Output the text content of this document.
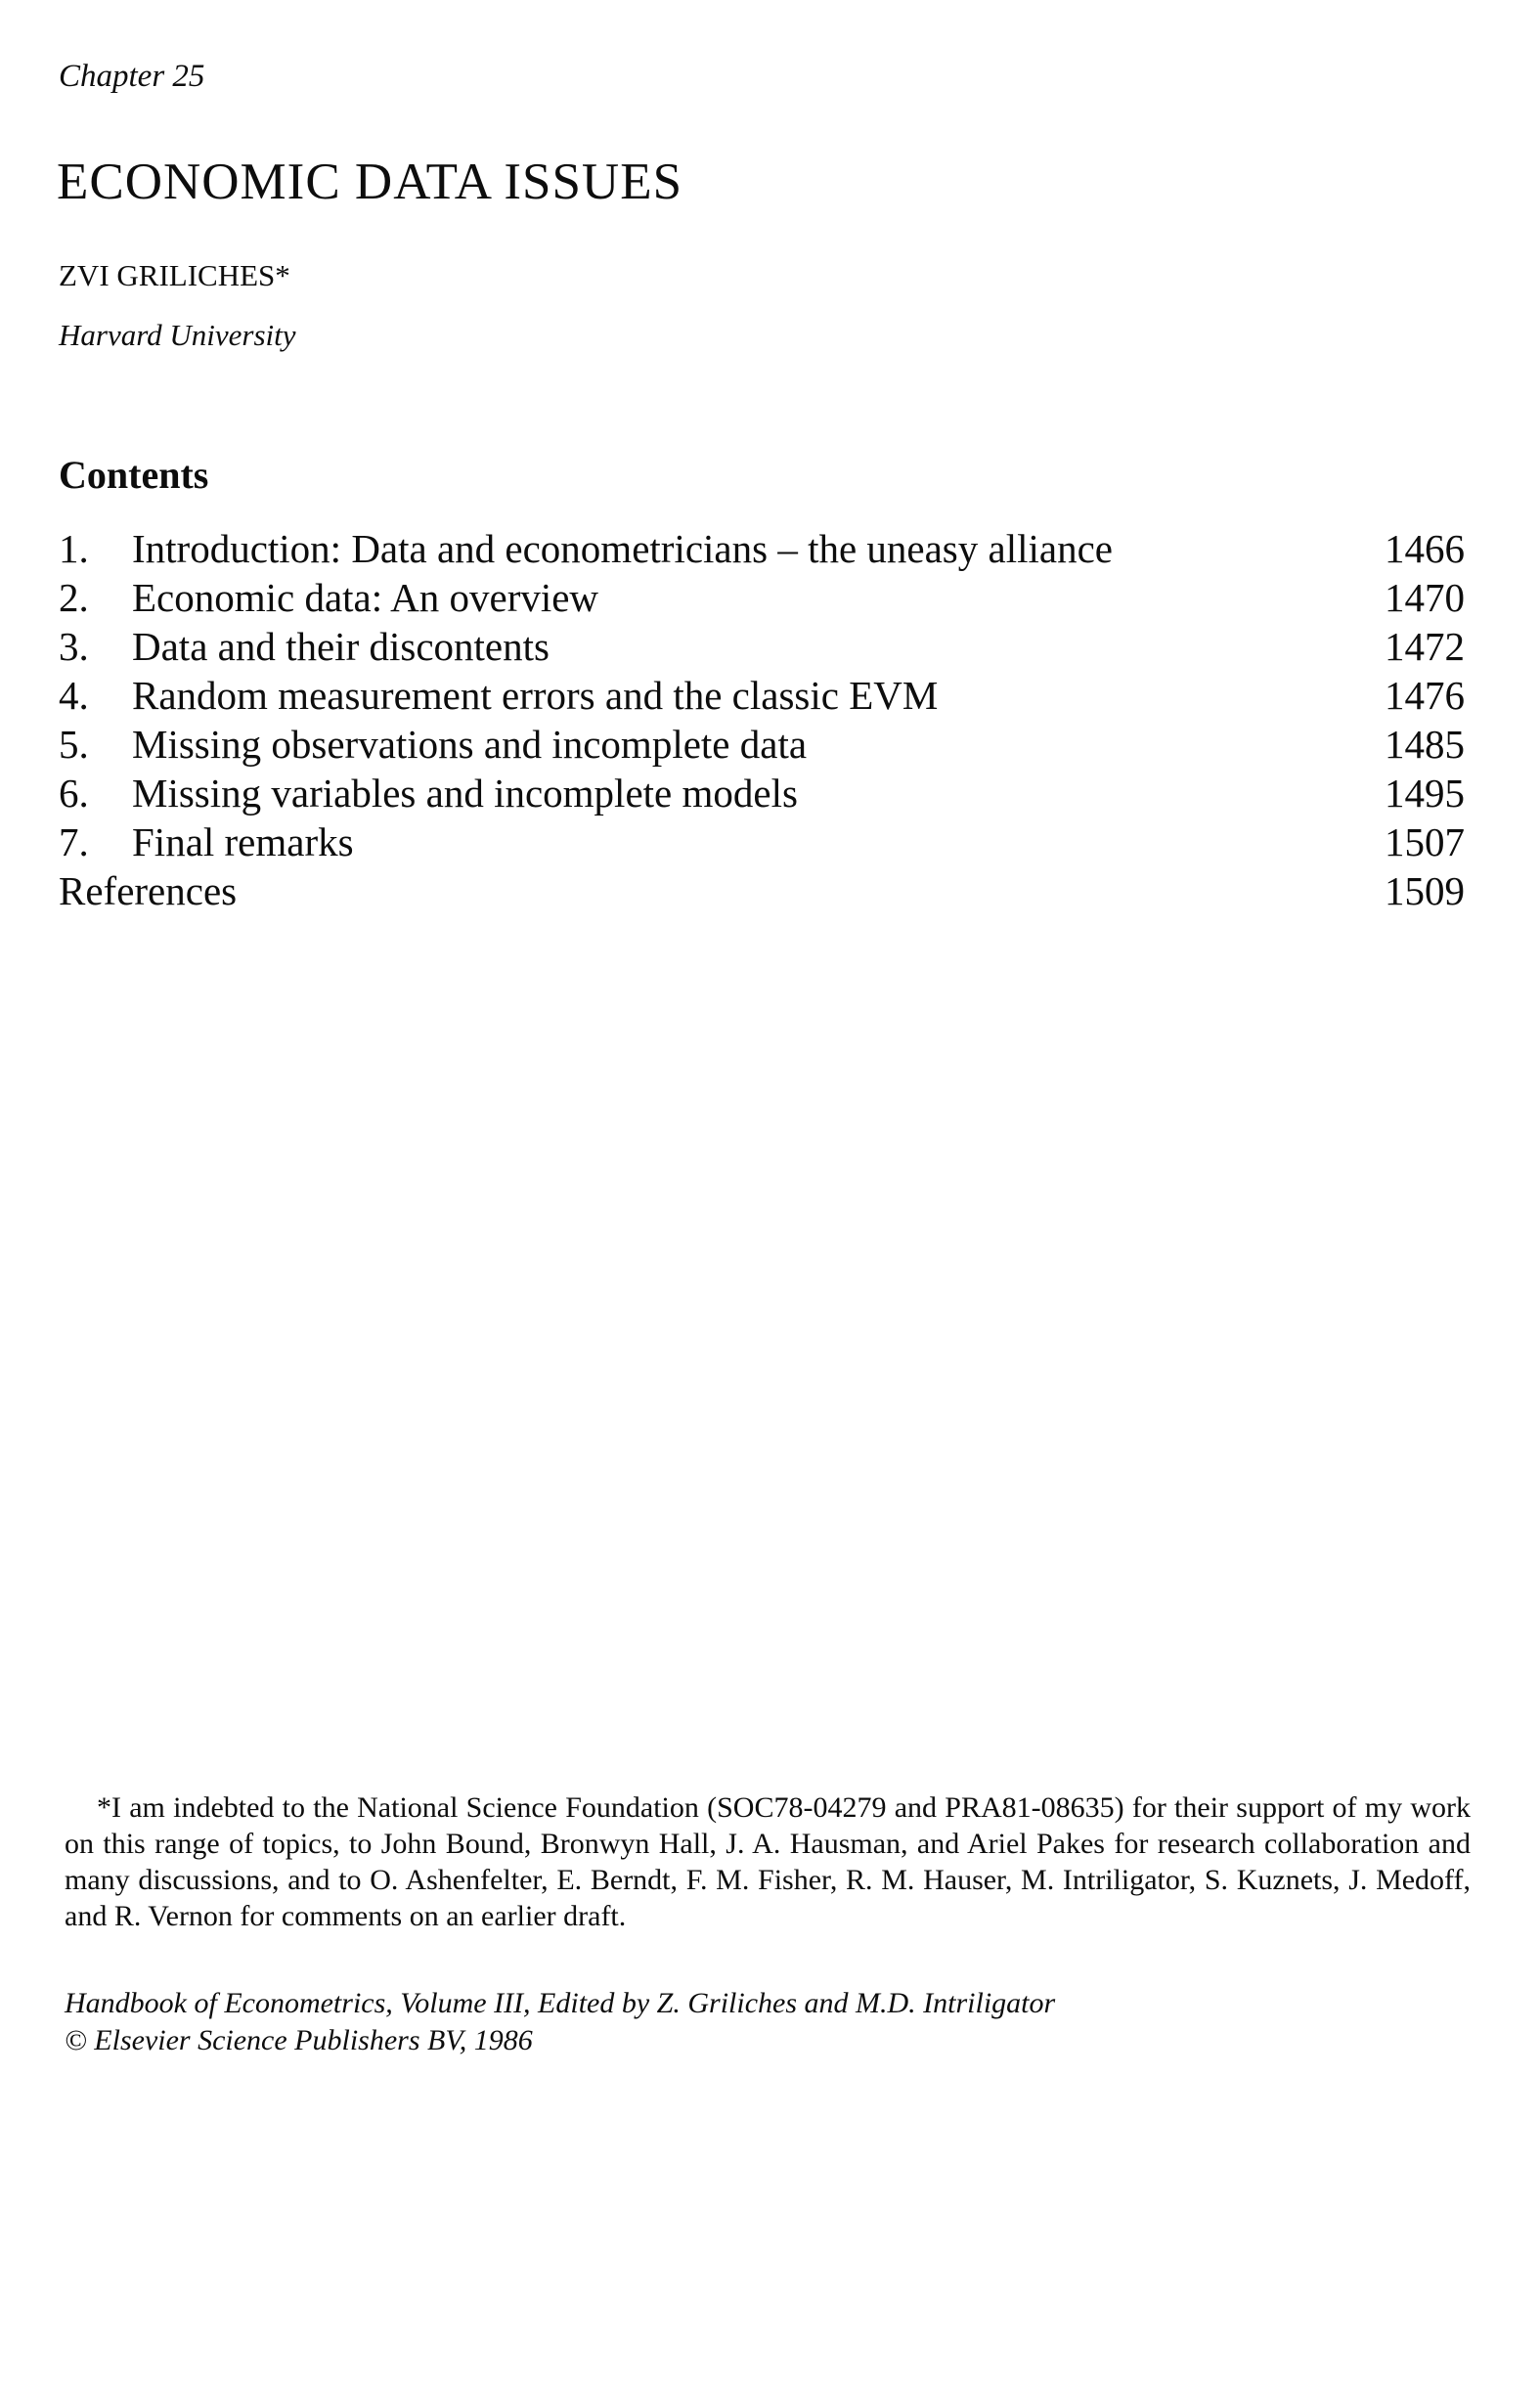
Chapter 25
ECONOMIC DATA ISSUES
ZVI GRILICHES*
Harvard University
Contents
1. Introduction: Data and econometricians – the uneasy alliance	1466
2. Economic data: An overview	1470
3. Data and their discontents	1472
4. Random measurement errors and the classic EVM	1476
5. Missing observations and incomplete data	1485
6. Missing variables and incomplete models	1495
7. Final remarks	1507
References	1509
*I am indebted to the National Science Foundation (SOC78-04279 and PRA81-08635) for their support of my work on this range of topics, to John Bound, Bronwyn Hall, J. A. Hausman, and Ariel Pakes for research collaboration and many discussions, and to O. Ashenfelter, E. Berndt, F. M. Fisher, R. M. Hauser, M. Intriligator, S. Kuznets, J. Medoff, and R. Vernon for comments on an earlier draft.
Handbook of Econometrics, Volume III, Edited by Z. Griliches and M.D. Intriligator
© Elsevier Science Publishers BV, 1986
